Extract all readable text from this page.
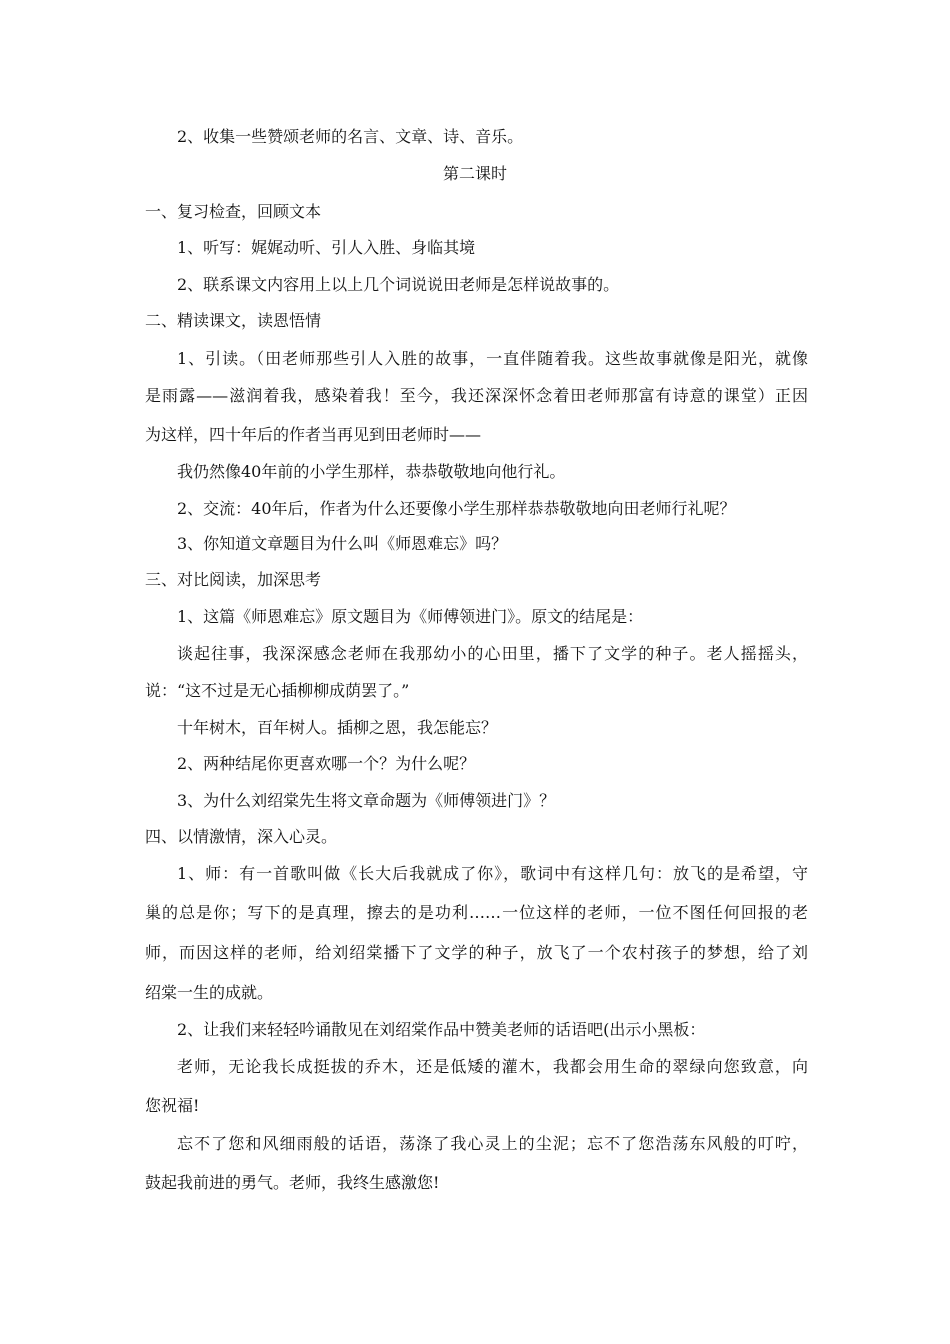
2、收集一些赞颂老师的名言、文章、诗、音乐。
第二课时
一、复习检查，回顾文本
1、听写：娓娓动听、引人入胜、身临其境
2、联系课文内容用上以上几个词说说田老师是怎样说故事的。
二、精读课文，读恩悟情
1、引读。（田老师那些引人入胜的故事，一直伴随着我。这些故事就像是阳光，就像
是雨露——滋润着我，感染着我！至今，我还深深怀念着田老师那富有诗意的课堂）正因
为这样，四十年后的作者当再见到田老师时——
我仍然像40年前的小学生那样，恭恭敬敬地向他行礼。
2、交流：40年后，作者为什么还要像小学生那样恭恭敬敬地向田老师行礼呢？
3、你知道文章题目为什么叫《师恩难忘》吗？
三、对比阅读，加深思考
1、这篇《师恩难忘》原文题目为《师傅领进门》。原文的结尾是：
谈起往事，我深深感念老师在我那幼小的心田里，播下了文学的种子。老人摇摇头，
说：“这不过是无心插柳柳成荫罢了。”
十年树木，百年树人。插柳之恩，我怎能忘？
2、两种结尾你更喜欢哪一个？为什么呢？
3、为什么刘绍棠先生将文章命题为《师傅领进门》？
四、以情激情，深入心灵。
1、师：有一首歌叫做《长大后我就成了你》，歌词中有这样几句：放飞的是希望，守
巢的总是你；写下的是真理，擦去的是功利……一位这样的老师，一位不图任何回报的老
师，而因这样的老师，给刘绍棠播下了文学的种子，放飞了一个农村孩子的梦想，给了刘
绍棠一生的成就。
2、让我们来轻轻吟诵散见在刘绍棠作品中赞美老师的话语吧(出示小黑板：
老师，无论我长成挺拔的乔木，还是低矮的灌木，我都会用生命的翠绿向您致意，向
您祝福!
忘不了您和风细雨般的话语，荡涤了我心灵上的尘泥；忘不了您浩荡东风般的叮咛，
鼓起我前进的勇气。老师，我终生感激您!
